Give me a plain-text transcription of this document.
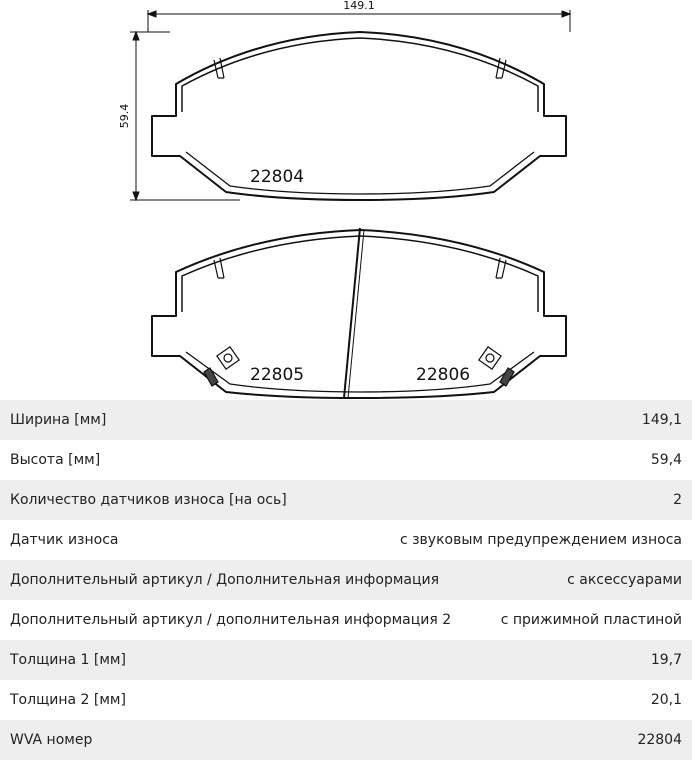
149.1
59.4
22804
22805	22806
Ширина [мм]	149,1
Высота [мм]	59,4
Количество датчиков износа [на ось]	2
Датчик износа	с звуковым предупреждением износа
Дополнительный артикул / Дополнительная информация	с аксессуарами
Дополнительный артикул / дополнительная информация 2	с прижимной пластиной
Толщина 1 [мм]	19,7
Толщина 2 [мм]	20,1
WVA номер	22804
